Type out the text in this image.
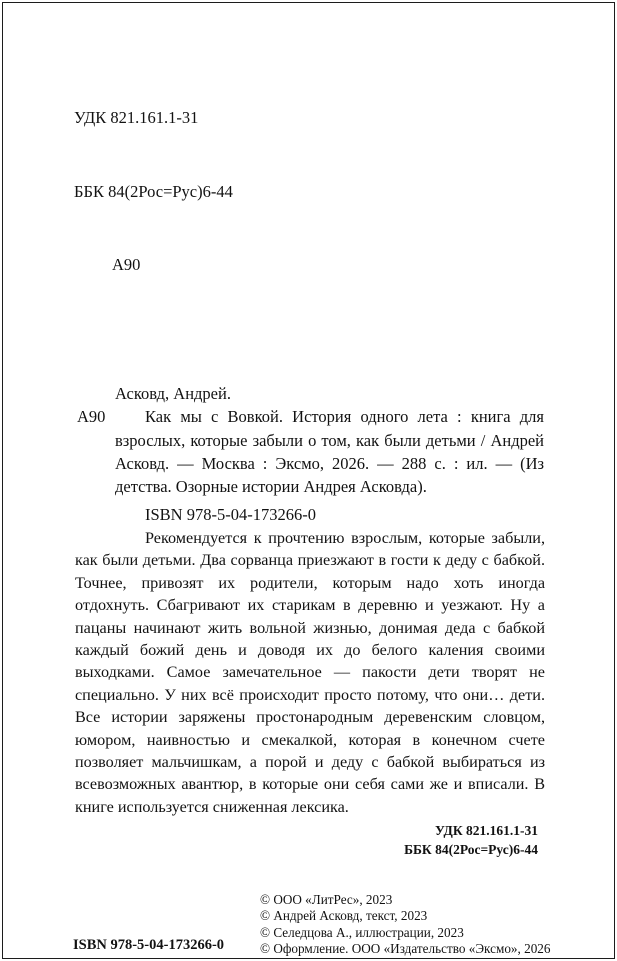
УДК 821.161.1-31

ББК 84(2Рос=Рус)6-44

А90

Асковд, Андрей.
А90	Как мы с Вовкой. История одного лета : книга для взрослых, которые забыли о том, как были детьми / Андрей Асковд. — Москва : Эксмо, 2026. — 288 с. : ил. — (Из детства. Озорные истории Андрея Асковда).

ISBN 978-5-04-173266-0
Рекомендуется к прочтению взрослым, которые забыли, как были детьми. Два сорванца приезжают в гости к деду с бабкой. Точнее, привозят их родители, которым надо хоть иногда отдохнуть. Сбагривают их старикам в деревню и уезжают. Ну а пацаны начинают жить вольной жизнью, донимая деда с бабкой каждый божий день и доводя их до белого каления своими выходками. Самое замечательное — пакости дети творят не специально. У них всё происходит просто потому, что они… дети. Все истории заряжены простонародным деревенским словцом, юмором, наивностью и смекалкой, которая в конечном счете позволяет мальчишкам, а порой и деду с бабкой выбираться из всевозможных авантюр, в которые они себя сами же и вписали. В книге используется сниженная лексика.
УДК 821.161.1-31
ББК 84(2Рос=Рус)6-44
© ООО «ЛитРес», 2023
© Андрей Асковд, текст, 2023
© Селедцова А., иллюстрации, 2023
© Оформление. ООО «Издательство «Эксмо», 2026
ISBN 978-5-04-173266-0
